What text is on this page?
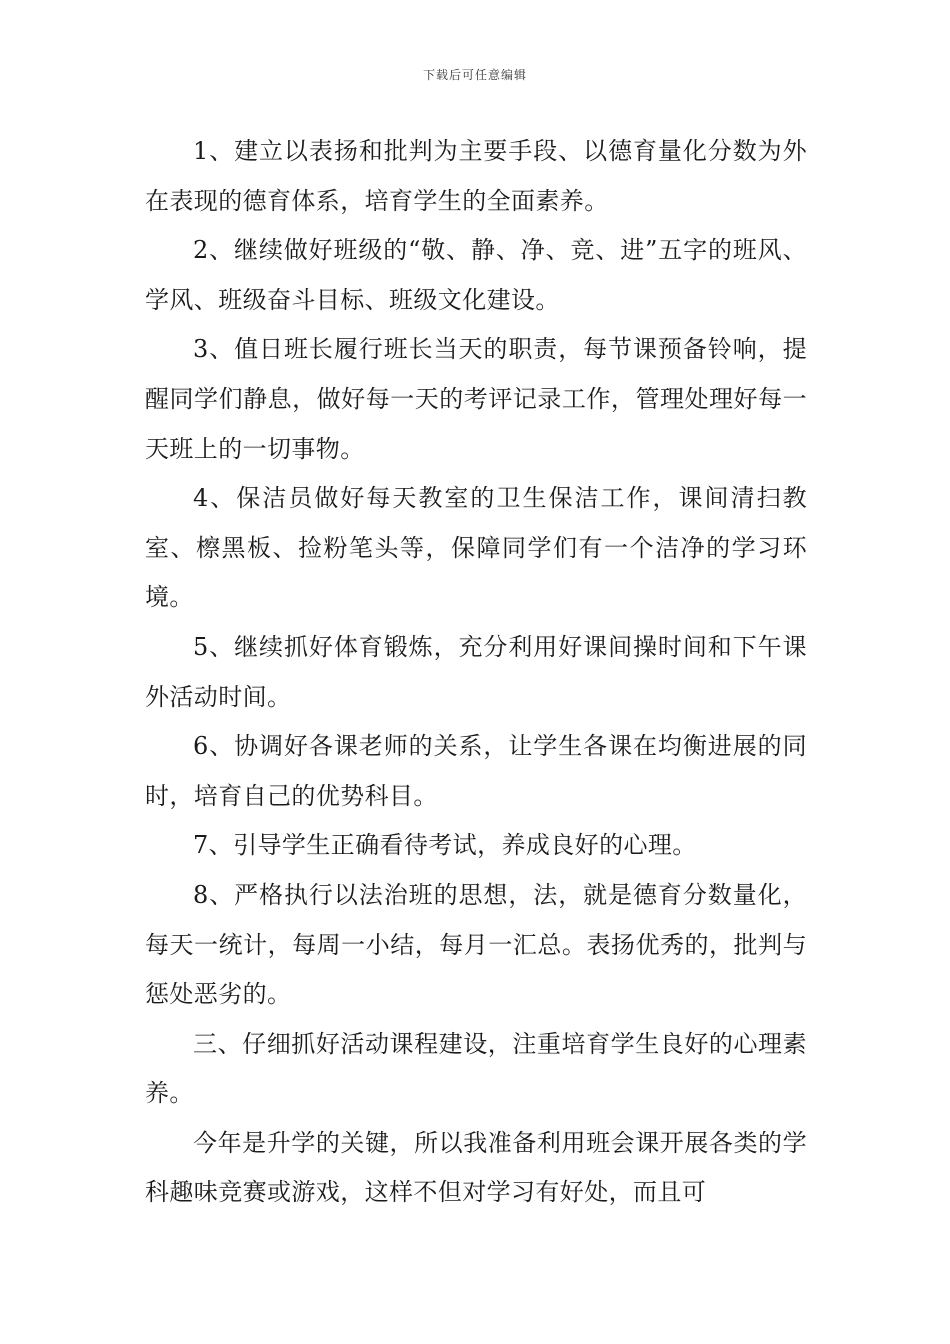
下载后可任意编辑

1、建立以表扬和批判为主要手段、以德育量化分数为外在表现的德育体系，培育学生的全面素养。

2、继续做好班级的“敬、静、净、竞、进”五字的班风、学风、班级奋斗目标、班级文化建设。

3、值日班长履行班长当天的职责，每节课预备铃响，提醒同学们静息，做好每一天的考评记录工作，管理处理好每一天班上的一切事物。

4、保洁员做好每天教室的卫生保洁工作，课间清扫教室、檫黑板、捡粉笔头等，保障同学们有一个洁净的学习环境。

5、继续抓好体育锻炼，充分利用好课间操时间和下午课外活动时间。

6、协调好各课老师的关系，让学生各课在均衡进展的同时，培育自己的优势科目。

7、引导学生正确看待考试，养成良好的心理。

8、严格执行以法治班的思想，法，就是德育分数量化，每天一统计，每周一小结，每月一汇总。表扬优秀的，批判与惩处恶劣的。

三、仔细抓好活动课程建设，注重培育学生良好的心理素养。

今年是升学的关键，所以我准备利用班会课开展各类的学科趣味竞赛或游戏，这样不但对学习有好处，而且可
